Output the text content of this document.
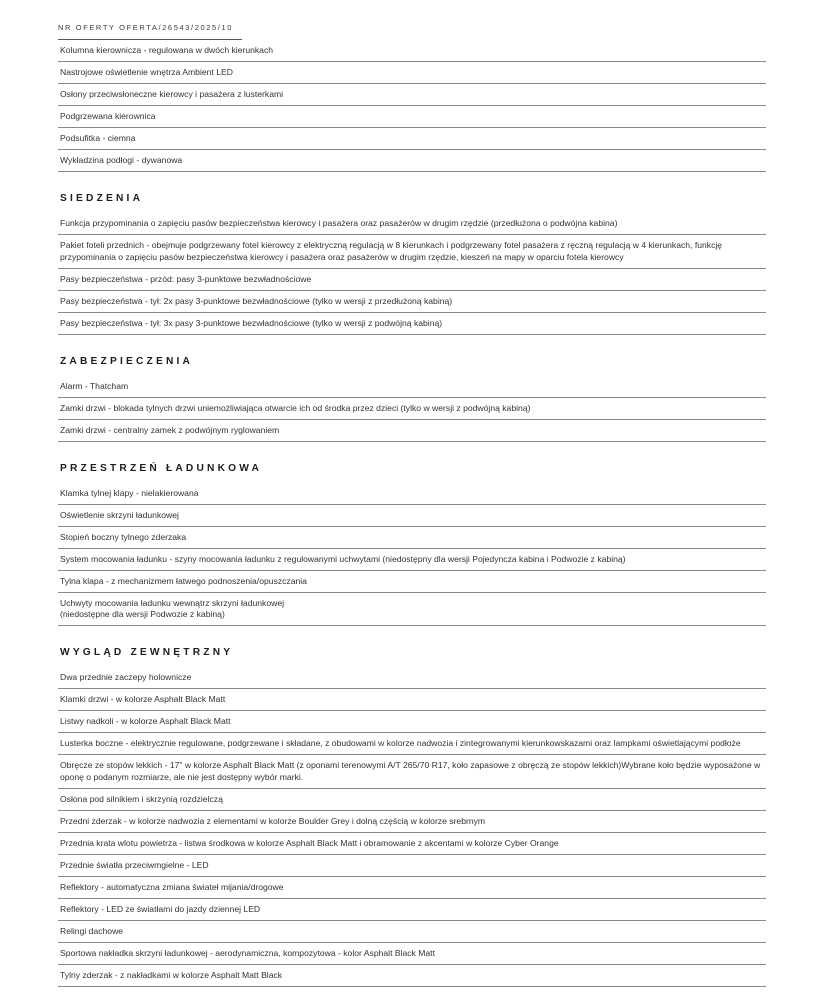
NR OFERTY OFERTA/26543/2025/10
Kolumna kierownicza - regulowana w dwóch kierunkach
Nastrojowe oświetlenie wnętrza Ambient LED
Osłony przeciwsłoneczne kierowcy i pasażera z lusterkami
Podgrzewana kierownica
Podsufitka - ciemna
Wykładzina podłogi - dywanowa
SIEDZENIA
Funkcja przypominania o zapięciu pasów bezpieczeństwa kierowcy i pasażera oraz pasażerów w drugim rzędzie (przedłużona o podwójna kabina)
Pakiet foteli przednich - obejmuje podgrzewany fotel kierowcy z elektryczną regulacją w 8 kierunkach i podgrzewany fotel pasażera z ręczną regulacją w 4 kierunkach, funkcję przypominania o zapięciu pasów bezpieczeństwa kierowcy i pasażera oraz pasażerów w drugim rzędzie, kieszeń na mapy w oparciu fotela kierowcy
Pasy bezpieczeństwa - przód: pasy 3-punktowe bezwładnościowe
Pasy bezpieczeństwa - tył: 2x pasy 3-punktowe bezwładnościowe (tylko w wersji z przedłużoną kabiną)
Pasy bezpieczeństwa - tył: 3x pasy 3-punktowe bezwładnościowe (tylko w wersji z podwójną kabiną)
ZABEZPIECZENIA
Alarm - Thatcham
Zamki drzwi - blokada tylnych drzwi uniemożliwiająca otwarcie ich od środka przez dzieci (tylko w wersji z podwójną kabiną)
Zamki drzwi - centralny zamek z podwójnym ryglowaniem
PRZESTRZEŃ ŁADUNKOWA
Klamka tylnej klapy - nielakierowana
Oświetlenie skrzyni ładunkowej
Stopień boczny tylnego zderzaka
System mocowania ładunku - szyny mocowania ładunku z regulowanymi uchwytami (niedostępny dla wersji Pojedyncza kabina i Podwozie z kabiną)
Tylna klapa - z mechanizmem łatwego podnoszenia/opuszczania
Uchwyty mocowania ładunku wewnątrz skrzyni ładunkowej
(niedostępne dla wersji Podwozie z kabiną)
WYGLĄD ZEWNĘTRZNY
Dwa przednie zaczepy holownicze
Klamki drzwi - w kolorze Asphalt Black Matt
Listwy nadkoli - w kolorze Asphalt Black Matt
Lusterka boczne - elektrycznie regulowane, podgrzewane i składane, z obudowami w kolorze nadwozia i zintegrowanymi kierunkowskazami oraz lampkami oświetlającymi podłoże
Obręcze ze stopów lekkich - 17" w kolorze Asphalt Black Matt (z oponami terenowymi A/T 265/70 R17, koło zapasowe z obręczą ze stopów lekkich)Wybrane koło będzie wyposażone w oponę o podanym rozmiarze, ale nie jest dostępny wybór marki.
Osłona pod silnikiem i skrzynią rozdzielczą
Przedni zderzak - w kolorze nadwozia z elementami w kolorze Boulder Grey i dolną częścią w kolorze srebrnym
Przednia krata wlotu powietrza - listwa środkowa w kolorze Asphalt Black Matt i obramowanie z akcentami w kolorze Cyber Orange
Przednie światła przeciwmgielne - LED
Reflektory - automatyczna zmiana świateł mijania/drogowe
Reflektory - LED ze światłami do jazdy dziennej LED
Relingi dachowe
Sportowa nakładka skrzyni ładunkowej - aerodynamiczna, kompozytowa - kolor Asphalt Black Matt
Tylny zderzak - z nakładkami w kolorze Asphalt Matt Black
